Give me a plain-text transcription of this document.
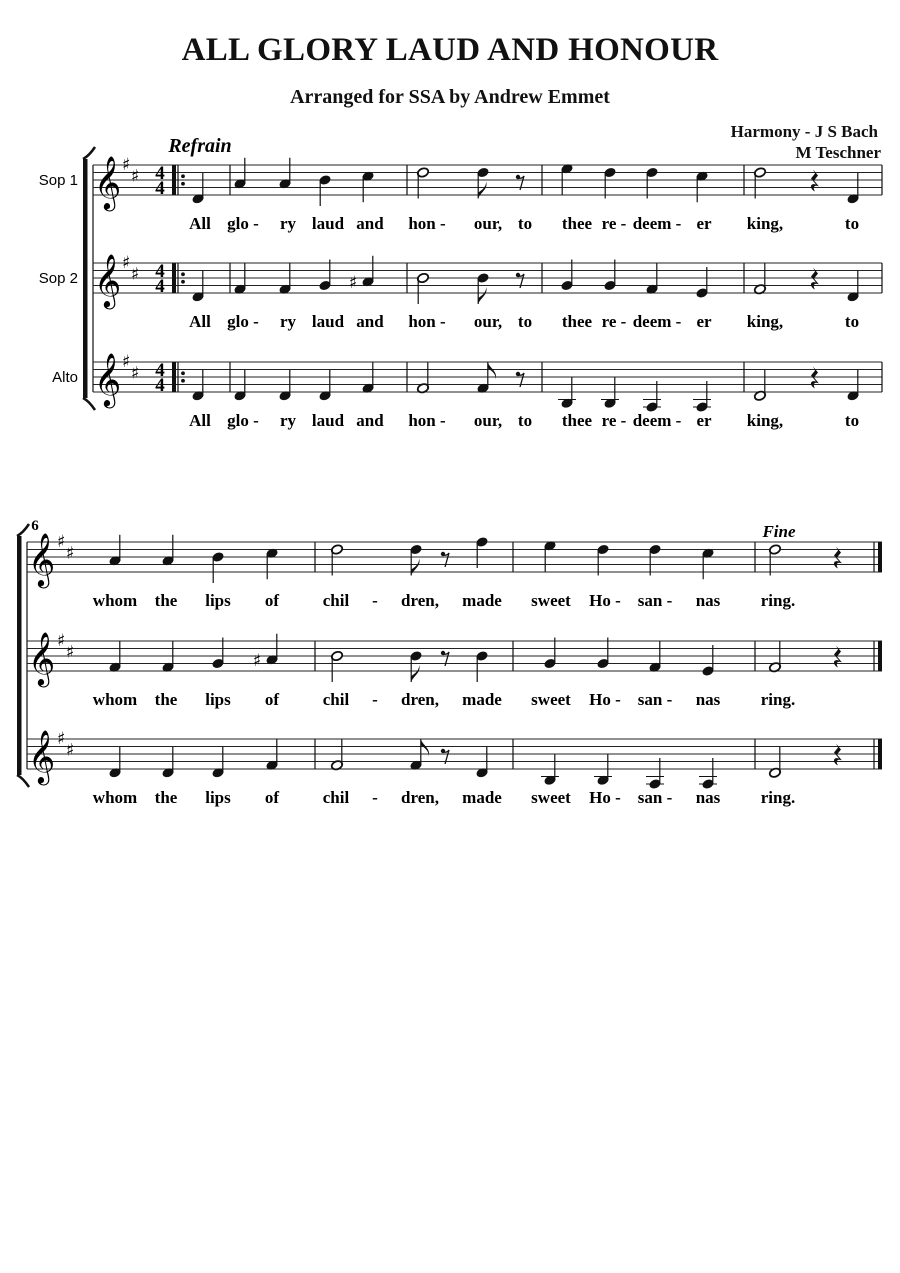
ALL GLORY LAUD AND HONOUR
Arranged for SSA by Andrew Emmet
Harmony - J S Bach
M Teschner
Sop 1 𝄞 ♯
♯ 4
4
All glo - ry laud and hon - our, to thee re - deem - er king,	to
Sop 2 𝄞 ♯
♯ 4
4	♯
All glo - ry laud and hon - our, to thee re - deem - er king,	to
Alto 𝄞 ♯
♯ 4
4
All glo - ry laud and hon - our, to thee re - deem - er king,	to
Refrain
𝄞 ♯
♯
whom the lips of	chil - dren, made sweet Ho - san - nas ring.
𝄞 ♯
♯	♯
whom the lips of	chil - dren, made sweet Ho - san - nas ring.
𝄞 ♯
♯
whom the lips of	chil - dren, made sweet Ho - san - nas ring.
Fine
6
